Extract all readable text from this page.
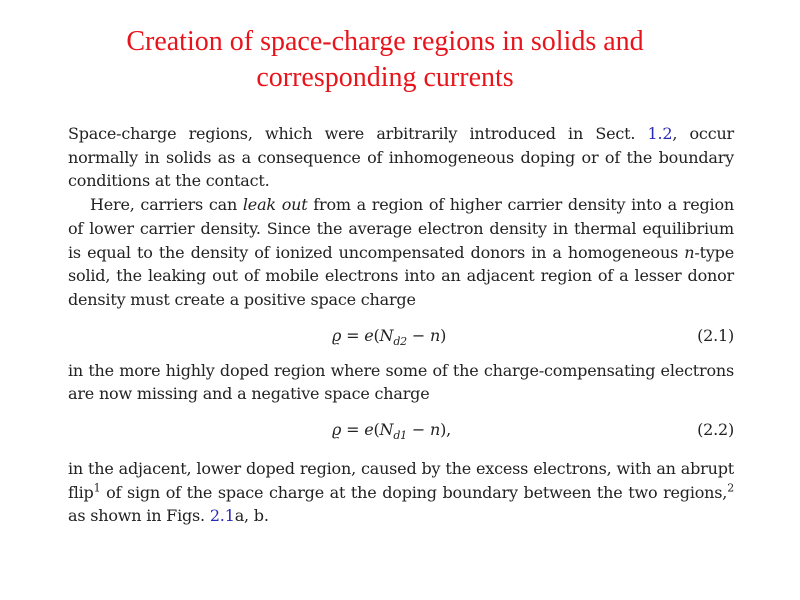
Creation of space-charge regions in solids and
corresponding currents

Space-charge regions, which were arbitrarily introduced in Sect. 1.2, occur normally in solids as a consequence of inhomogeneous doping or of the boundary conditions at the contact.

Here, carriers can leak out from a region of higher carrier density into a region of lower carrier density. Since the average electron density in thermal equilibrium is equal to the density of ionized uncompensated donors in a homogeneous n-type solid, the leaking out of mobile electrons into an adjacent region of a lesser donor density must create a positive space charge

$ϱ = e(N_{d2} - n)$	(2.1)

in the more highly doped region where some of the charge-compensating electrons are now missing and a negative space charge

$ϱ = e(N_{d1} - n)$,	(2.2)

in the adjacent, lower doped region, caused by the excess electrons, with an abrupt flip$^1$ of sign of the space charge at the doping boundary between the two regions,$^2$ as shown in Figs. 2.1a, b.
